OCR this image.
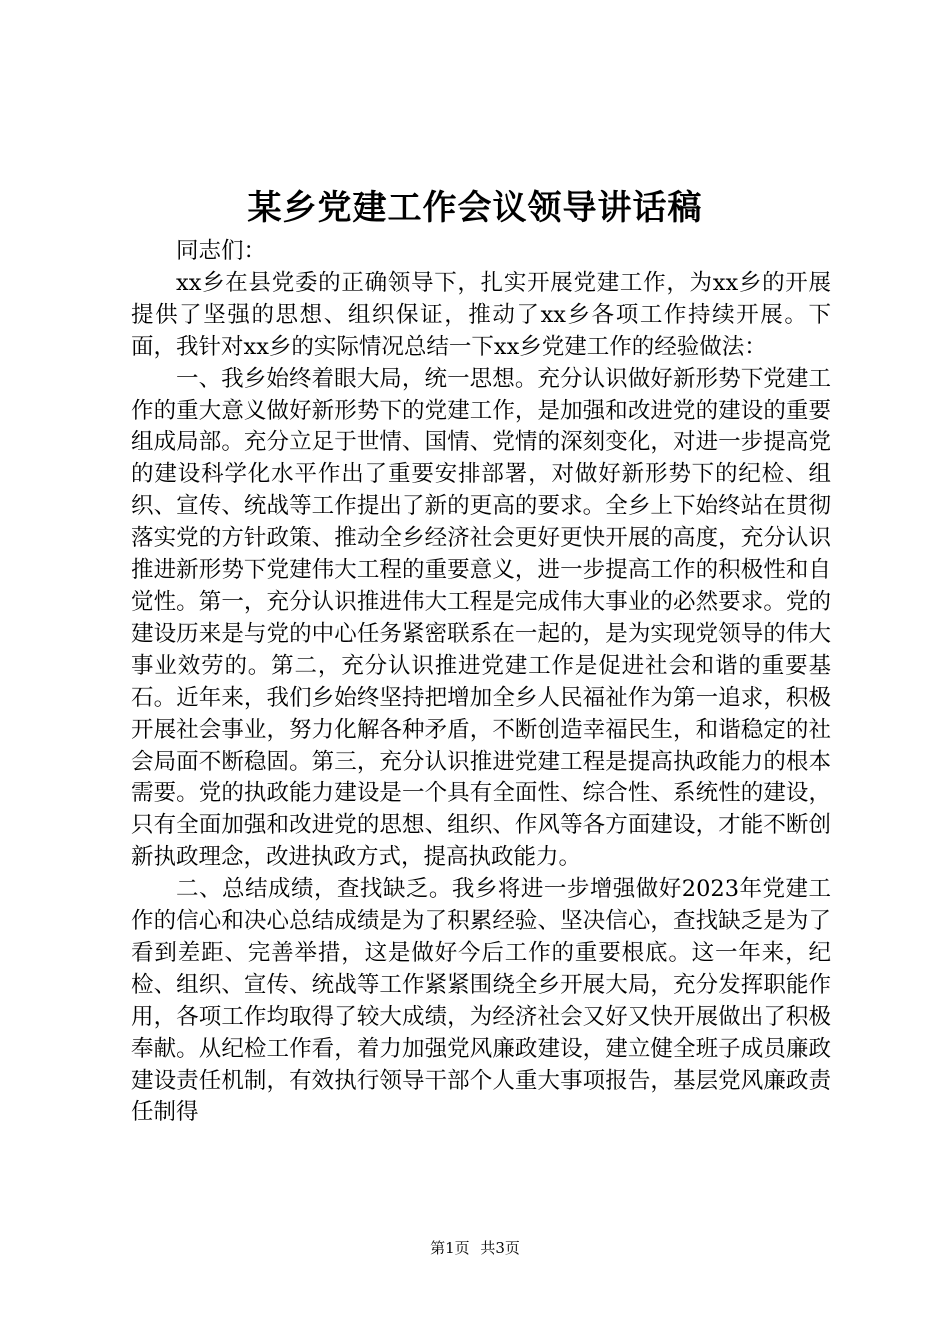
某乡党建工作会议领导讲话稿

同志们：

xx乡在县党委的正确领导下，扎实开展党建工作，为xx乡的开展提供了坚强的思想、组织保证，推动了xx乡各项工作持续开展。下面，我针对xx乡的实际情况总结一下xx乡党建工作的经验做法：

一、我乡始终着眼大局，统一思想。充分认识做好新形势下党建工作的重大意义做好新形势下的党建工作，是加强和改进党的建设的重要组成局部。充分立足于世情、国情、党情的深刻变化，对进一步提高党的建设科学化水平作出了重要安排部署，对做好新形势下的纪检、组织、宣传、统战等工作提出了新的更高的要求。全乡上下始终站在贯彻落实党的方针政策、推动全乡经济社会更好更快开展的高度，充分认识推进新形势下党建伟大工程的重要意义，进一步提高工作的积极性和自觉性。第一，充分认识推进伟大工程是完成伟大事业的必然要求。党的建设历来是与党的中心任务紧密联系在一起的，是为实现党领导的伟大事业效劳的。第二，充分认识推进党建工作是促进社会和谐的重要基石。近年来，我们乡始终坚持把增加全乡人民福祉作为第一追求，积极开展社会事业，努力化解各种矛盾，不断创造幸福民生，和谐稳定的社会局面不断稳固。第三，充分认识推进党建工程是提高执政能力的根本需要。党的执政能力建设是一个具有全面性、综合性、系统性的建设，只有全面加强和改进党的思想、组织、作风等各方面建设，才能不断创新执政理念，改进执政方式，提高执政能力。

二、总结成绩，查找缺乏。我乡将进一步增强做好2023年党建工作的信心和决心总结成绩是为了积累经验、坚决信心，查找缺乏是为了看到差距、完善举措，这是做好今后工作的重要根底。这一年来，纪检、组织、宣传、统战等工作紧紧围绕全乡开展大局，充分发挥职能作用，各项工作均取得了较大成绩，为经济社会又好又快开展做出了积极奉献。从纪检工作看，着力加强党风廉政建设，建立健全班子成员廉政建设责任机制，有效执行领导干部个人重大事项报告，基层党风廉政责任制得

第1页 共3页
